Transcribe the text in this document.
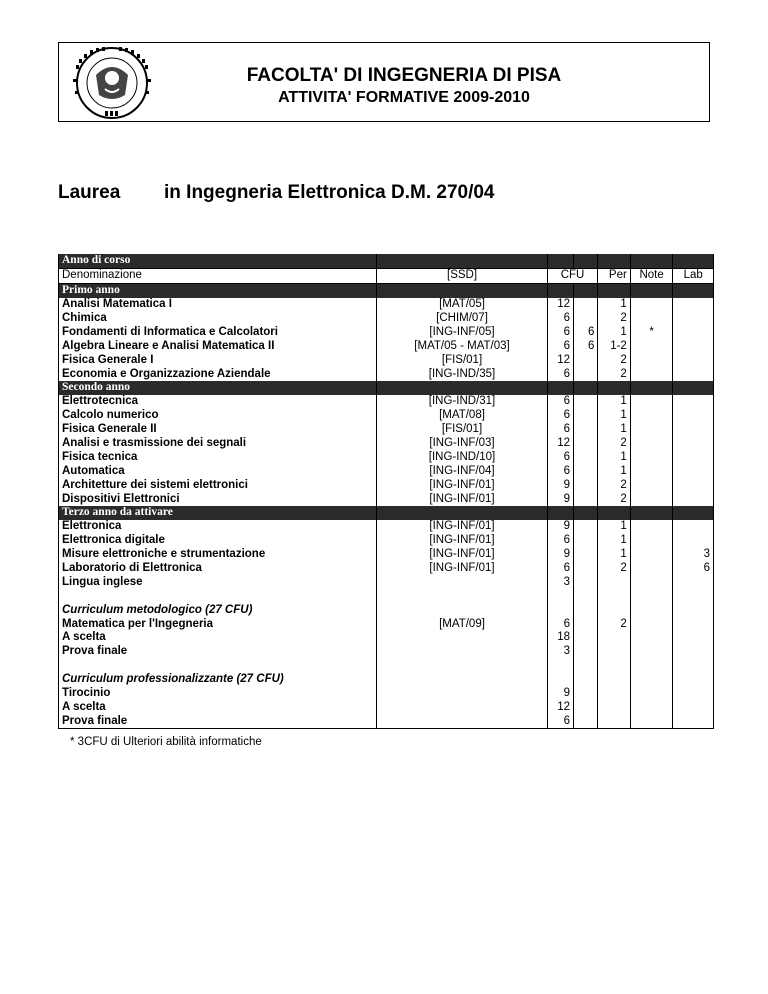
FACOLTA' DI INGEGNERIA DI PISA
ATTIVITA' FORMATIVE 2009-2010
Laurea in Ingegneria Elettronica D.M. 270/04
Anno di corso						
Denominazione	[SSD]	CFU		Per	Note	Lab
Primo anno						
Analisi Matematica I	[MAT/05]	12		1		
Chimica	[CHIM/07]	6		2		
Fondamenti di Informatica e Calcolatori	[ING-INF/05]	6	6	1	*	
Algebra Lineare e Analisi Matematica II	[MAT/05 - MAT/03]	6	6	1-2		
Fisica Generale I	[FIS/01]	12		2		
Economia e Organizzazione Aziendale	[ING-IND/35]	6		2		
Secondo anno						
Elettrotecnica	[ING-IND/31]	6		1		
Calcolo numerico	[MAT/08]	6		1		
Fisica Generale II	[FIS/01]	6		1		
Analisi e trasmissione dei segnali	[ING-INF/03]	12		2		
Fisica tecnica	[ING-IND/10]	6		1		
Automatica	[ING-INF/04]	6		1		
Architetture dei sistemi elettronici	[ING-INF/01]	9		2		
Dispositivi Elettronici	[ING-INF/01]	9		2		
Terzo anno da attivare						
Elettronica	[ING-INF/01]	9		1		
Elettronica digitale	[ING-INF/01]	6		1		
Misure elettroniche e strumentazione	[ING-INF/01]	9		1		3
Laboratorio di Elettronica	[ING-INF/01]	6		2		6
Lingua inglese		3				

Curriculum metodologico (27 CFU)						
Matematica per l'Ingegneria	[MAT/09]	6		2		
A scelta		18				
Prova finale		3				

Curriculum professionalizzante (27 CFU)						
Tirocinio		9				
A scelta		12				
Prova finale		6				
* 3CFU di Ulteriori abilità informatiche
